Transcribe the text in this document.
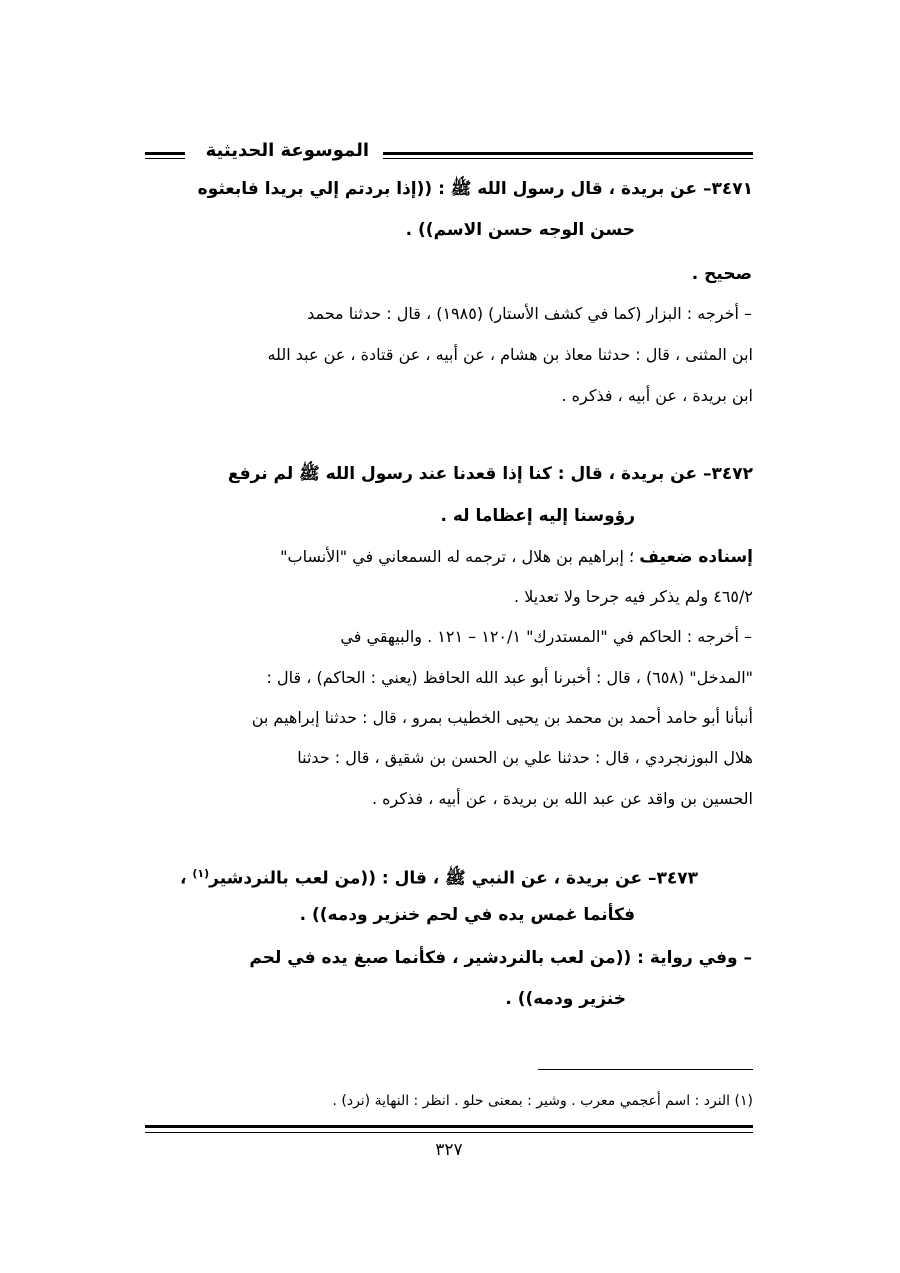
الموسوعة الحديثية
٣٤٧١– عن بريدة ، قال رسول الله ﷺ : ((إذا بردتم إلي بريدا فابعثوه
حسن الوجه حسن الاسم)) .
صحيح .
– أخرجه : البزار (كما في كشف الأستار) (١٩٨٥) ، قال : حدثنا محمد
ابن المثنى ، قال : حدثنا معاذ بن هشام ، عن أبيه ، عن قتادة ، عن عبد الله
ابن بريدة ، عن أبيه ، فذكره .
٣٤٧٢– عن بريدة ، قال : كنا إذا قعدنا عند رسول الله ﷺ لم نرفع
رؤوسنا إليه إعظاما له .
إسناده ضعيف ؛ إبراهيم بن هلال ، ترجمه له السمعاني في "الأنساب"
٤٦٥/٢ ولم يذكر فيه جرحا ولا تعديلا .
– أخرجه : الحاكم في "المستدرك" ١٢٠/١ – ١٢١ . والبيهقي في
"المدخل" (٦٥٨) ، قال : أخبرنا أبو عبد الله الحافظ (يعني : الحاكم) ، قال :
أنبأنا أبو حامد أحمد بن محمد بن يحيى الخطيب بمرو ، قال : حدثنا إبراهيم بن
هلال البوزنجردي ، قال : حدثنا علي بن الحسن بن شقيق ، قال : حدثنا
الحسين بن واقد عن عبد الله بن بريدة ، عن أبيه ، فذكره .
٣٤٧٣– عن بريدة ، عن النبي ﷺ ، قال : ((من لعب بالنردشير$^{(١)}$ ،
فكأنما غمس يده في لحم خنزير ودمه)) .
– وفي رواية : ((من لعب بالنردشير ، فكأنما صبغ يده في لحم
خنزير ودمه)) .
(١) النرد : اسم أعجمي معرب . وشير : بمعنى حلو . انظر : النهاية (نرد) .
٣٢٧
